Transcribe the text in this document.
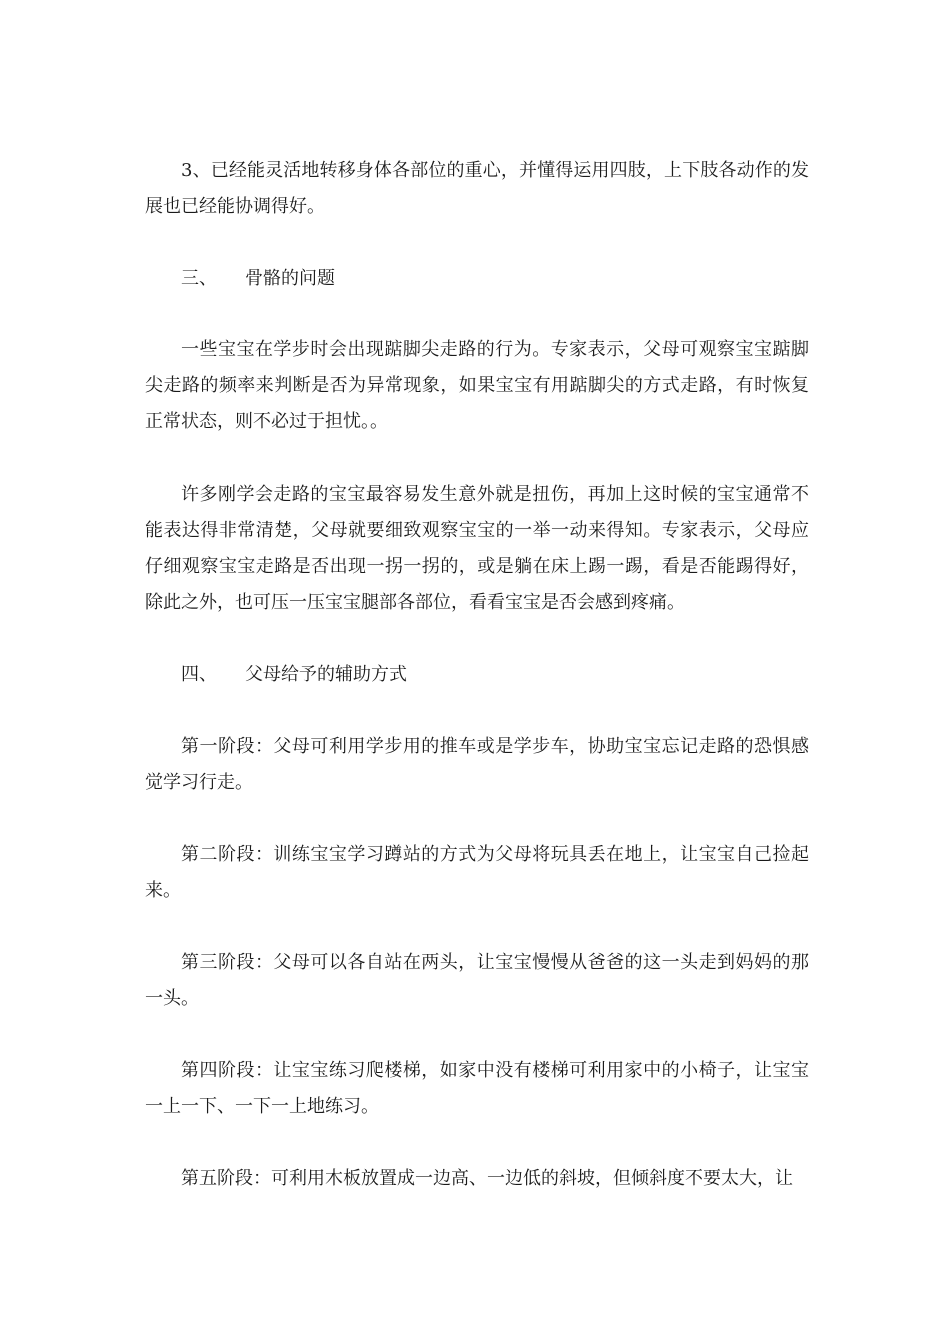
3、已经能灵活地转移身体各部位的重心，并懂得运用四肢，上下肢各动作的发展也已经能协调得好。

三、 骨骼的问题

一些宝宝在学步时会出现踮脚尖走路的行为。专家表示，父母可观察宝宝踮脚尖走路的频率来判断是否为异常现象，如果宝宝有用踮脚尖的方式走路，有时恢复正常状态，则不必过于担忧。。

许多刚学会走路的宝宝最容易发生意外就是扭伤，再加上这时候的宝宝通常不能表达得非常清楚，父母就要细致观察宝宝的一举一动来得知。专家表示，父母应仔细观察宝宝走路是否出现一拐一拐的，或是躺在床上踢一踢，看是否能踢得好，除此之外，也可压一压宝宝腿部各部位，看看宝宝是否会感到疼痛。

四、 父母给予的辅助方式

第一阶段：父母可利用学步用的推车或是学步车，协助宝宝忘记走路的恐惧感觉学习行走。

第二阶段：训练宝宝学习蹲站的方式为父母将玩具丢在地上，让宝宝自己捡起来。

第三阶段：父母可以各自站在两头，让宝宝慢慢从爸爸的这一头走到妈妈的那一头。

第四阶段：让宝宝练习爬楼梯，如家中没有楼梯可利用家中的小椅子，让宝宝一上一下、一下一上地练习。

第五阶段：可利用木板放置成一边高、一边低的斜坡，但倾斜度不要太大，让
